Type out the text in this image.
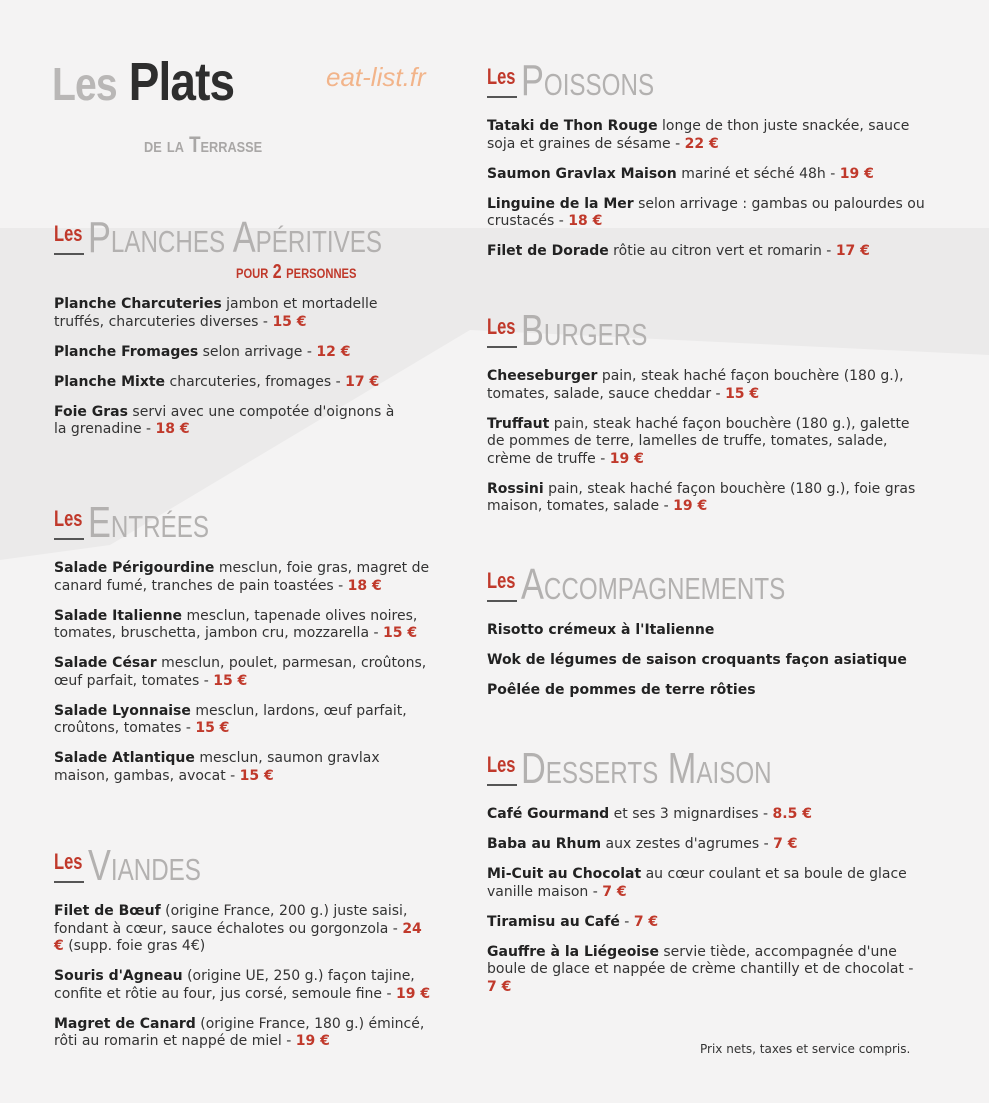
Les Plats
de la Terrasse
eat-list.fr
Les Planches Apéritives
pour 2 personnes
Planche Charcuteries jambon et mortadelle truffés, charcuteries diverses - 15 €
Planche Fromages selon arrivage - 12 €
Planche Mixte charcuteries, fromages - 17 €
Foie Gras servi avec une compotée d'oignons à la grenadine - 18 €
Les Entrées
Salade Périgourdine mesclun, foie gras, magret de canard fumé, tranches de pain toastées - 18 €
Salade Italienne mesclun, tapenade olives noires, tomates, bruschetta, jambon cru, mozzarella - 15 €
Salade César mesclun, poulet, parmesan, croûtons, œuf parfait, tomates - 15 €
Salade Lyonnaise mesclun, lardons, œuf parfait, croûtons, tomates - 15 €
Salade Atlantique mesclun, saumon gravlax maison, gambas, avocat - 15 €
Les Viandes
Filet de Bœuf (origine France, 200 g.) juste saisi, fondant à cœur, sauce échalotes ou gorgonzola - 24 € (supp. foie gras 4€)
Souris d'Agneau (origine UE, 250 g.) façon tajine, confite et rôtie au four, jus corsé, semoule fine - 19 €
Magret de Canard (origine France, 180 g.) émincé, rôti au romarin et nappé de miel - 19 €
Les Poissons
Tataki de Thon Rouge longe de thon juste snackée, sauce soja et graines de sésame - 22 €
Saumon Gravlax Maison mariné et séché 48h - 19 €
Linguine de la Mer selon arrivage : gambas ou palourdes ou crustacés - 18 €
Filet de Dorade rôtie au citron vert et romarin - 17 €
Les Burgers
Cheeseburger pain, steak haché façon bouchère (180 g.), tomates, salade, sauce cheddar - 15 €
Truffaut pain, steak haché façon bouchère (180 g.), galette de pommes de terre, lamelles de truffe, tomates, salade, crème de truffe - 19 €
Rossini pain, steak haché façon bouchère (180 g.), foie gras maison, tomates, salade - 19 €
Les Accompagnements
Risotto crémeux à l'Italienne
Wok de légumes de saison croquants façon asiatique
Poêlée de pommes de terre rôties
Les Desserts Maison
Café Gourmand et ses 3 mignardises - 8.5 €
Baba au Rhum aux zestes d'agrumes - 7 €
Mi-Cuit au Chocolat au cœur coulant et sa boule de glace vanille maison - 7 €
Tiramisu au Café - 7 €
Gauffre à la Liégeoise servie tiède, accompagnée d'une boule de glace et nappée de crème chantilly et de chocolat - 7 €
Prix nets, taxes et service compris.
